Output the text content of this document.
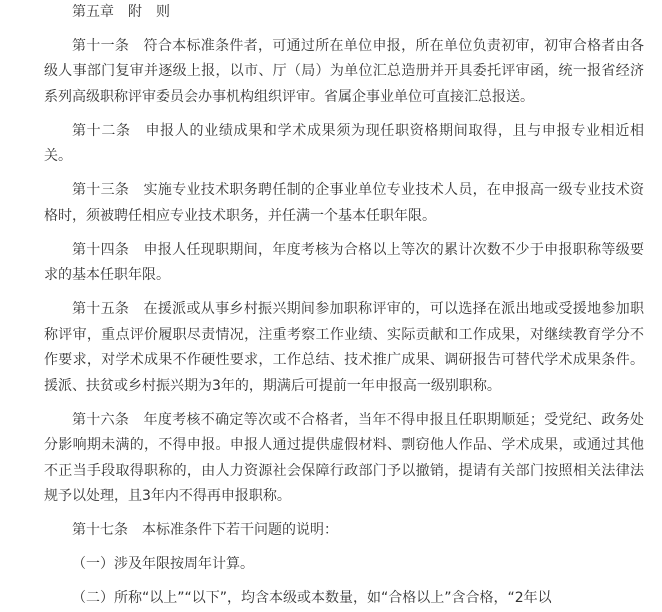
第五章　附　则

第十一条　 符合本标准条件者，可通过所在单位申报，所在单位负责初审，初审合格者由各级人事部门复审并逐级上报，以市、厅（局）为单位汇总造册并开具委托评审函，统一报省经济系列高级职称评审委员会办事机构组织评审。省属企事业单位可直接汇总报送。

第十二条　 申报人的业绩成果和学术成果须为现任职资格期间取得，且与申报专业相近相关。

第十三条　 实施专业技术职务聘任制的企事业单位专业技术人员，在申报高一级专业技术资格时，须被聘任相应专业技术职务，并任满一个基本任职年限。

第十四条　 申报人任现职期间，年度考核为合格以上等次的累计次数不少于申报职称等级要求的基本任职年限。

第十五条　 在援派或从事乡村振兴期间参加职称评审的，可以选择在派出地或受援地参加职称评审，重点评价履职尽责情况，注重考察工作业绩、实际贡献和工作成果，对继续教育学分不作要求，对学术成果不作硬性要求，工作总结、技术推广成果、调研报告可替代学术成果条件。援派、扶贫或乡村振兴期为3年的，期满后可提前一年申报高一级别职称。

第十六条　 年度考核不确定等次或不合格者，当年不得申报且任职期顺延；受党纪、政务处分影响期未满的，不得申报。申报人通过提供虚假材料、剽窃他人作品、学术成果，或通过其他不正当手段取得职称的，由人力资源社会保障行政部门予以撤销，提请有关部门按照相关法律法规予以处理，且3年内不得再申报职称。

第十七条　 本标准条件下若干问题的说明：

（一）涉及年限按周年计算。

（二）所称“以上”“以下”，均含本级或本数量，如“合格以上”含合格，“2年以
